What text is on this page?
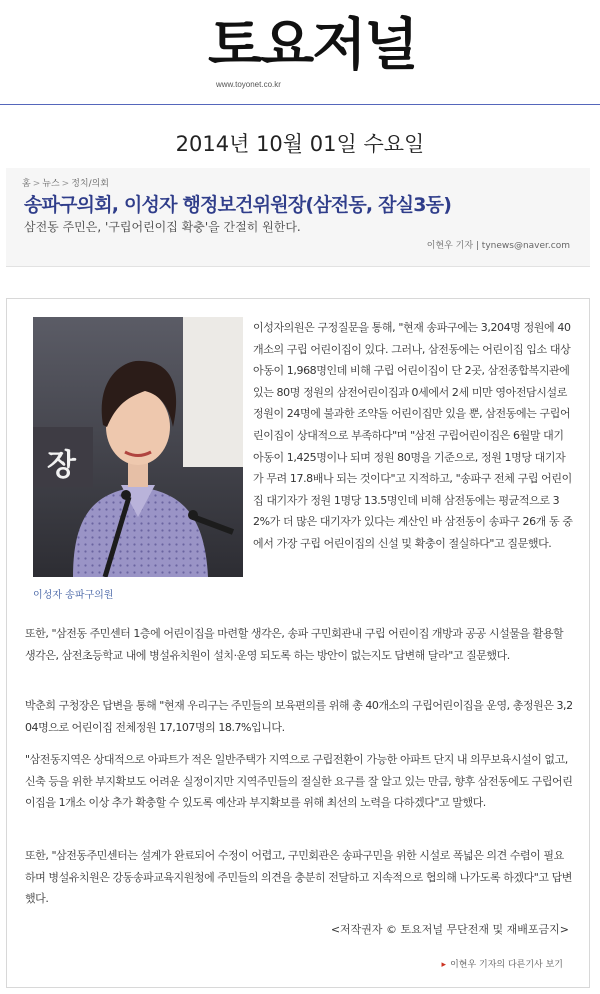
토요저널
www.toyonet.co.kr
2014년 10월 01일 수요일
홈 > 뉴스 > 정치/의회
송파구의회, 이성자 행정보건위원장(삼전동, 잠실3동)
삼전동 주민은, '구립어린이집 확충'을 간절히 원한다.
이현우 기자 | tynews@naver.com
장
이성자 송파구의원
이성자의원은 구정질문을 통해, "현재 송파구에는 3,204명 정원에 40개소의 구립 어린이집이 있다. 그러나, 삼전동에는 어린이집 입소 대상 아동이 1,968명인데 비해 구립 어린이집이 단 2곳, 삼전종합복지관에 있는 80명 정원의 삼전어린이집과 0세에서 2세 미만 영아전담시설로 정원이 24명에 불과한 조약돌 어린이집만 있을 뿐, 삼전동에는 구립어린이집이 상대적으로 부족하다"며 "삼전 구립어린이집은 6월말 대기아동이 1,425명이나 되며 정원 80명을 기준으로, 정원 1명당 대기자가 무려 17.8배나 되는 것이다"고 지적하고, "송파구 전체 구립 어린이집 대기자가 정원 1명당 13.5명인데 비해 삼전동에는 평균적으로 32%가 더 많은 대기자가 있다는 계산인 바 삼전동이 송파구 26개 동 중에서 가장 구립 어린이집의 신설 및 확충이 절실하다"고 질문했다.
또한, "삼전동 주민센터 1층에 어린이집을 마련할 생각은, 송파 구민회관내 구립 어린이집 개방과 공공 시설물을 활용할 생각은, 삼전초등학교 내에 병설유치원이 설치·운영 되도록 하는 방안이 없는지도 답변해 달라"고 질문했다.
박춘희 구청장은 답변을 통해 "현재 우리구는 주민들의 보육편의를 위해 총 40개소의 구립어린이집을 운영, 총정원은 3,204명으로 어린이집 전체정원 17,107명의 18.7%입니다.
"삼전동지역은 상대적으로 아파트가 적은 일반주택가 지역으로 구립전환이 가능한 아파트 단지 내 의무보육시설이 없고, 신축 등을 위한 부지확보도 어려운 실정이지만 지역주민들의 절실한 요구를 잘 알고 있는 만큼, 향후 삼전동에도 구립어린이집을 1개소 이상 추가 확충할 수 있도록 예산과 부지확보를 위해 최선의 노력을 다하겠다"고 말했다.
또한, "삼전동주민센터는 설계가 완료되어 수정이 어렵고, 구민회관은 송파구민을 위한 시설로 폭넓은 의견 수렴이 필요하며 병설유치원은 강동송파교육지원청에 주민들의 의견을 충분히 전달하고 지속적으로 협의해 나가도록 하겠다"고 답변했다.
<저작권자 © 토요저널 무단전재 및 재배포금지>
▸ 이현우 기자의 다른기사 보기
